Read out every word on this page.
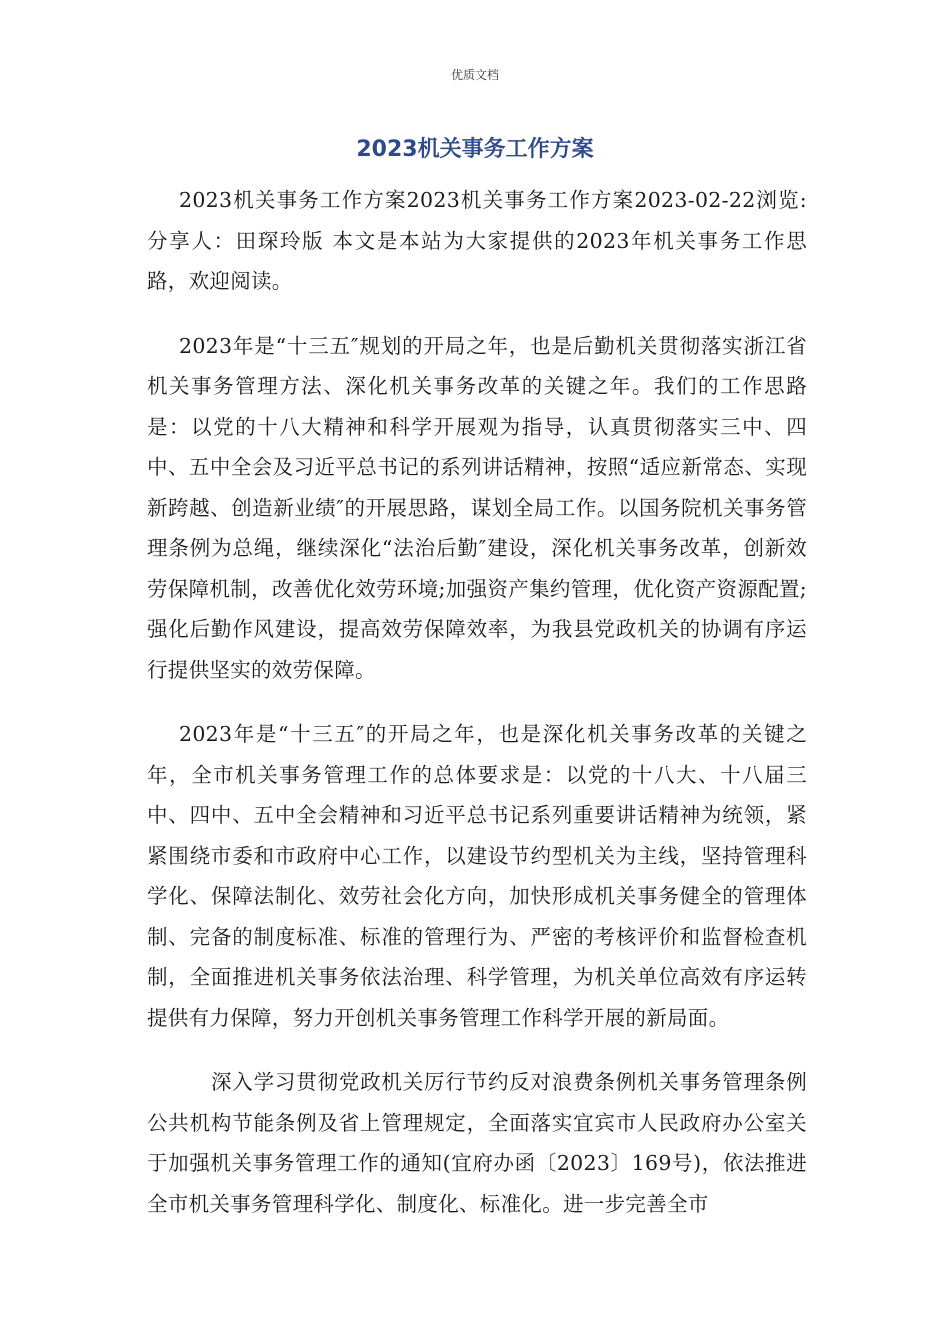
优质文档
2023机关事务工作方案

2023机关事务工作方案2023机关事务工作方案2023-02-22浏览:分享人：田琛玲版 本文是本站为大家提供的2023年机关事务工作思路，欢迎阅读。

2023年是“十三五″规划的开局之年，也是后勤机关贯彻落实浙江省机关事务管理方法、深化机关事务改革的关键之年。我们的工作思路是：以党的十八大精神和科学开展观为指导，认真贯彻落实三中、四中、五中全会及习近平总书记的系列讲话精神，按照“适应新常态、实现新跨越、创造新业绩″的开展思路，谋划全局工作。以国务院机关事务管理条例为总绳，继续深化“法治后勤″建设，深化机关事务改革，创新效劳保障机制，改善优化效劳环境;加强资产集约管理，优化资产资源配置;强化后勤作风建设，提高效劳保障效率，为我县党政机关的协调有序运行提供坚实的效劳保障。

2023年是“十三五″的开局之年，也是深化机关事务改革的关键之年，全市机关事务管理工作的总体要求是：以党的十八大、十八届三中、四中、五中全会精神和习近平总书记系列重要讲话精神为统领，紧紧围绕市委和市政府中心工作，以建设节约型机关为主线，坚持管理科学化、保障法制化、效劳社会化方向，加快形成机关事务健全的管理体制、完备的制度标准、标准的管理行为、严密的考核评价和监督检查机制，全面推进机关事务依法治理、科学管理，为机关单位高效有序运转提供有力保障，努力开创机关事务管理工作科学开展的新局面。

深入学习贯彻党政机关厉行节约反对浪费条例机关事务管理条例公共机构节能条例及省上管理规定，全面落实宜宾市人民政府办公室关于加强机关事务管理工作的通知(宜府办函〔2023〕169号)，依法推进全市机关事务管理科学化、制度化、标准化。进一步完善全市
